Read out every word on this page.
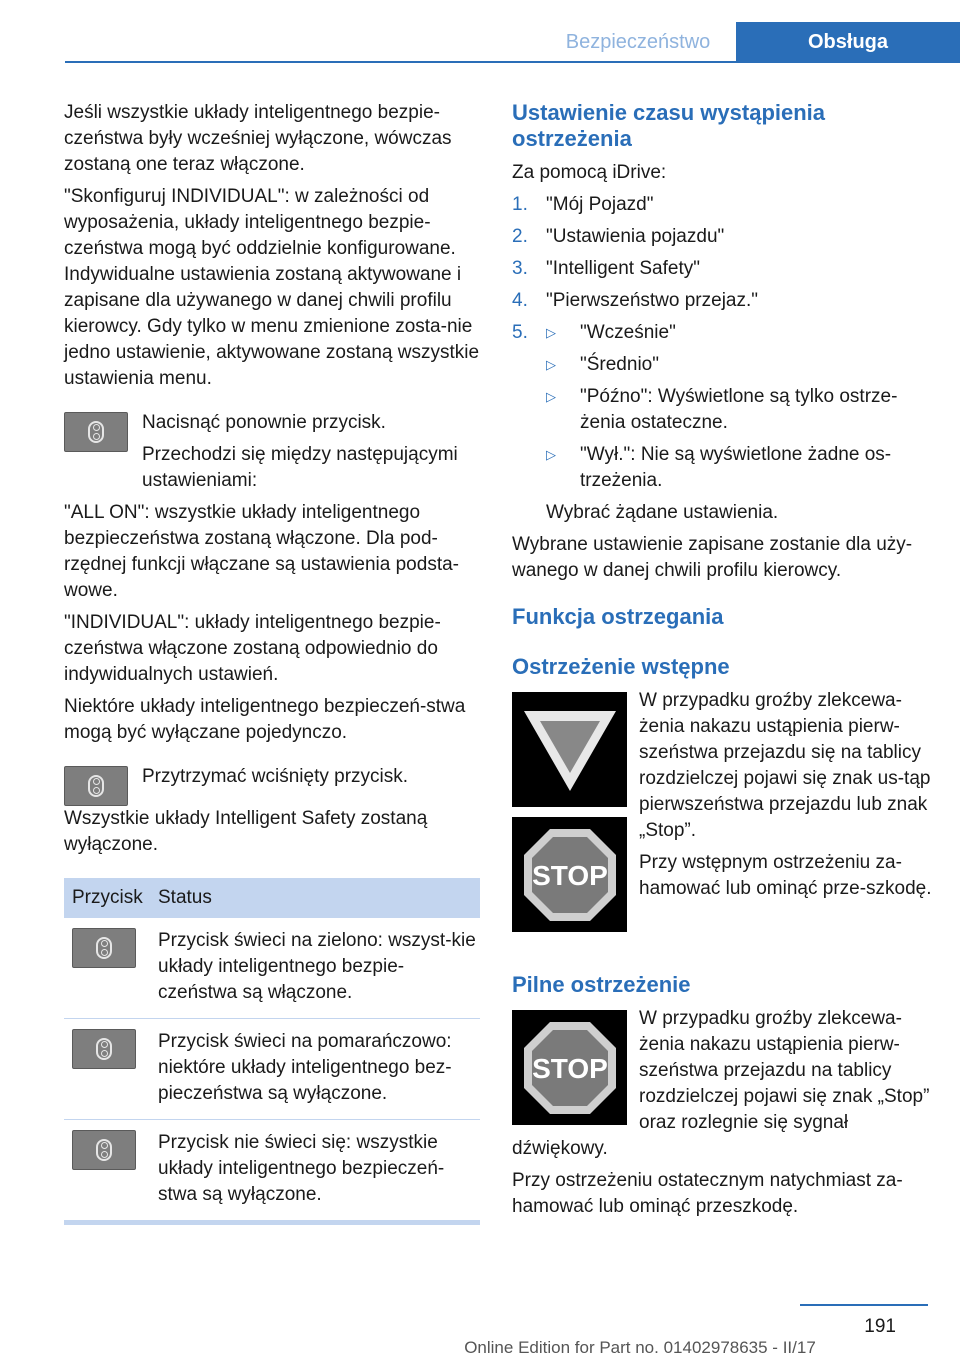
Bezpieczeństwo	Obsługa

Jeśli wszystkie układy inteligentnego bezpie-czeństwa były wcześniej wyłączone, wówczas zostaną one teraz włączone.

"Skonfiguruj INDIVIDUAL": w zależności od wyposażenia, układy inteligentnego bezpie-czeństwa mogą być oddzielnie konfigurowane. Indywidualne ustawienia zostaną aktywowane i zapisane dla używanego w danej chwili profilu kierowcy. Gdy tylko w menu zmienione zosta-nie jedno ustawienie, aktywowane zostaną wszystkie ustawienia menu.

Nacisnąć ponownie przycisk.

Przechodzi się między następującymi ustawieniami:

"ALL ON": wszystkie układy inteligentnego bezpieczeństwa zostaną włączone. Dla pod-rzędnej funkcji włączane są ustawienia podsta-wowe.

"INDIVIDUAL": układy inteligentnego bezpie-czeństwa włączone zostaną odpowiednio do indywidualnych ustawień.

Niektóre układy inteligentnego bezpieczeń-stwa mogą być wyłączane pojedynczo.

Przytrzymać wciśnięty przycisk.

Wszystkie układy Intelligent Safety zostaną wyłączone.

Przycisk Status
Przycisk świeci na zielono: wszyst-kie układy inteligentnego bezpie-czeństwa są włączone.
Przycisk świeci na pomarańczowo: niektóre układy inteligentnego bez-pieczeństwa są wyłączone.
Przycisk nie świeci się: wszystkie układy inteligentnego bezpieczeń-stwa są wyłączone.
Ustawienie czasu wystąpienia ostrzeżenia

Za pomocą iDrive:

1. "Mój Pojazd"
2. "Ustawienia pojazdu"
3. "Intelligent Safety"
4. "Pierwszeństwo przejaz."
5.	▷	"Wcześnie"
▷	"Średnio"
▷	"Późno": Wyświetlone są tylko ostrze-żenia ostateczne.
▷	"Wył.": Nie są wyświetlone żadne os-trzeżenia.

Wybrać żądane ustawienia.

Wybrane ustawienie zapisane zostanie dla uży-wanego w danej chwili profilu kierowcy.

Funkcja ostrzegania
Ostrzeżenie wstępne
STOP

W przypadku groźby zlekcewa-żenia nakazu ustąpienia pierw-szeństwa przejazdu się na tablicy rozdzielczej pojawi się znak us-tąp pierwszeństwa przejazdu lub znak „Stop”.

Przy wstępnym ostrzeżeniu za-hamować lub ominąć prze-szkodę.

Pilne ostrzeżenie
STOP

W przypadku groźby zlekcewa-żenia nakazu ustąpienia pierw-szeństwa przejazdu na tablicy rozdzielczej pojawi się znak „Stop” oraz rozlegnie się sygnał dźwiękowy.

Przy ostrzeżeniu ostatecznym natychmiast za-hamować lub ominąć przeszkodę.

191
Online Edition for Part no. 01402978635 - II/17
